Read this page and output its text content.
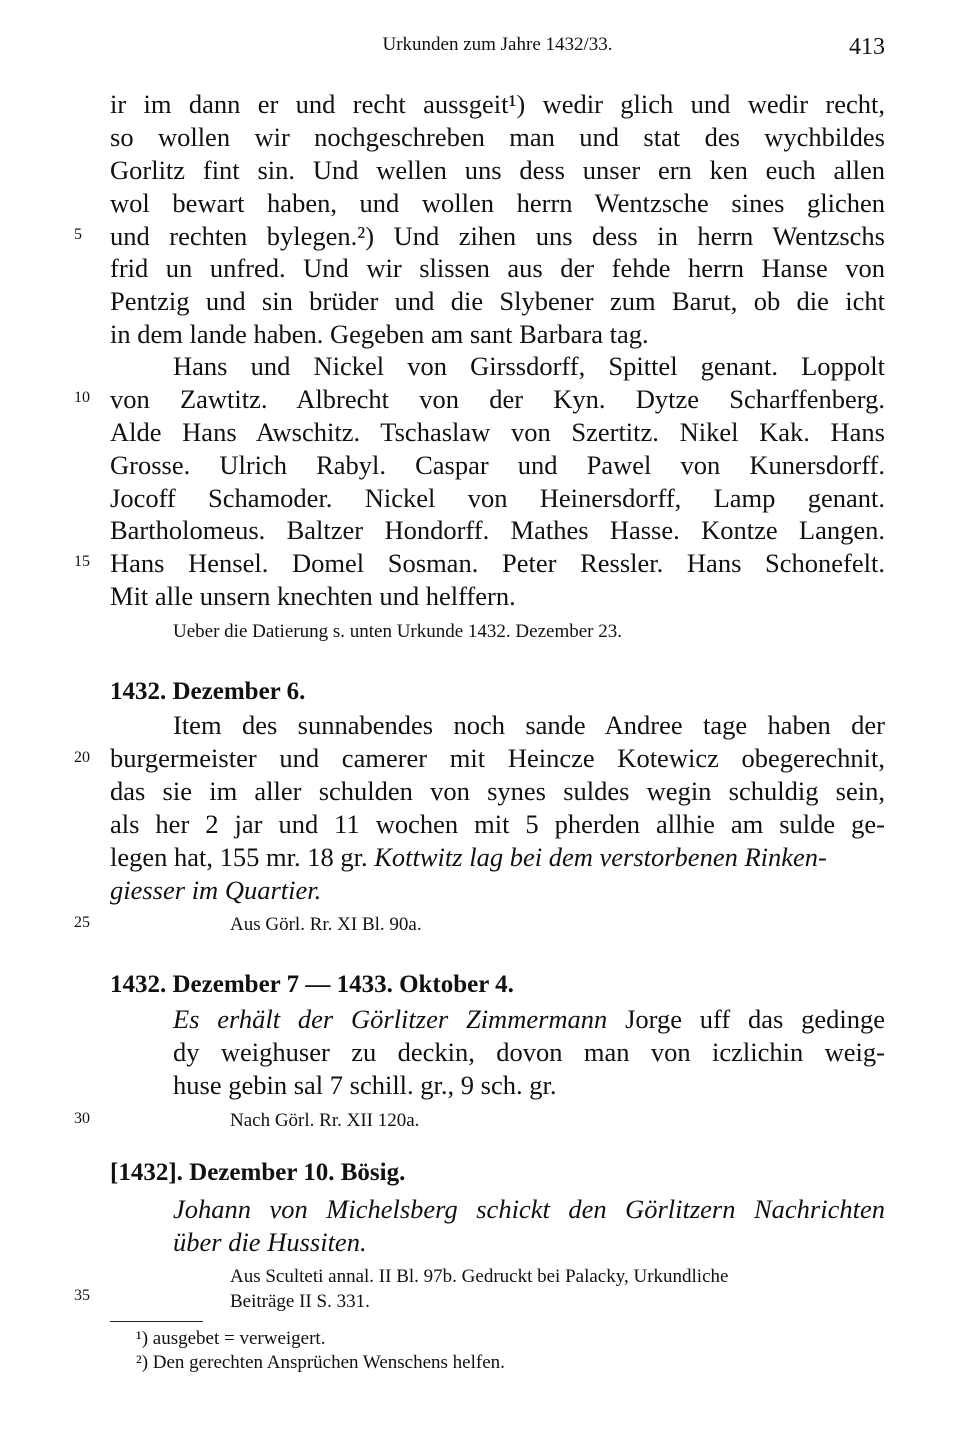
Urkunden zum Jahre 1432/33.	413
ir im dann er und recht aussgeit¹) wedir glich und wedir recht,
so wollen wir nochgeschreben man und stat des wychbildes
Gorlitz fint sin. Und wellen uns dess unser ern ken euch allen
wol bewart haben, und wollen herrn Wentzsche sines glichen
und rechten bylegen.²) Und zihen uns dess in herrn Wentzschs
frid un unfred. Und wir slissen aus der fehde herrn Hanse von
Pentzig und sin brüder und die Slybener zum Barut, ob die icht
in dem lande haben. Gegeben am sant Barbara tag.
Hans und Nickel von Girssdorff, Spittel genant. Loppolt
von Zawtitz. Albrecht von der Kyn. Dytze Scharffenberg.
Alde Hans Awschitz. Tschaslaw von Szertitz. Nikel Kak. Hans
Grosse. Ulrich Rabyl. Caspar und Pawel von Kunersdorff.
Jocoff Schamoder. Nickel von Heinersdorff, Lamp genant.
Bartholomeus. Baltzer Hondorff. Mathes Hasse. Kontze Langen.
Hans Hensel. Domel Sosman. Peter Ressler. Hans Schonefelt.
Mit alle unsern knechten und helffern.
Ueber die Datierung s. unten Urkunde 1432. Dezember 23.
1432. Dezember 6.
Item des sunnabendes noch sande Andree tage haben der
burgermeister und camerer mit Heincze Kotewicz obegerechnit,
das sie im aller schulden von synes suldes wegin schuldig sein,
als her 2 jar und 11 wochen mit 5 pherden allhie am sulde ge-
legen hat, 155 mr. 18 gr. Kottwitz lag bei dem verstorbenen Rinken-
giesser im Quartier.
Aus Görl. Rr. XI Bl. 90a.
1432. Dezember 7 — 1433. Oktober 4.
Es erhält der Görlitzer Zimmermann Jorge uff das gedinge
dy weighuser zu deckin, dovon man von iczlichin weig-
huse gebin sal 7 schill. gr., 9 sch. gr.
Nach Görl. Rr. XII 120a.
[1432]. Dezember 10. Bösig.
Johann von Michelsberg schickt den Görlitzern Nachrichten
über die Hussiten.
Aus Sculteti annal. II Bl. 97b. Gedruckt bei Palacky, Urkundliche
Beiträge II S. 331.
¹) ausgebet = verweigert.
²) Den gerechten Ansprüchen Wenschens helfen.
5
10
15
20
25
30
35
